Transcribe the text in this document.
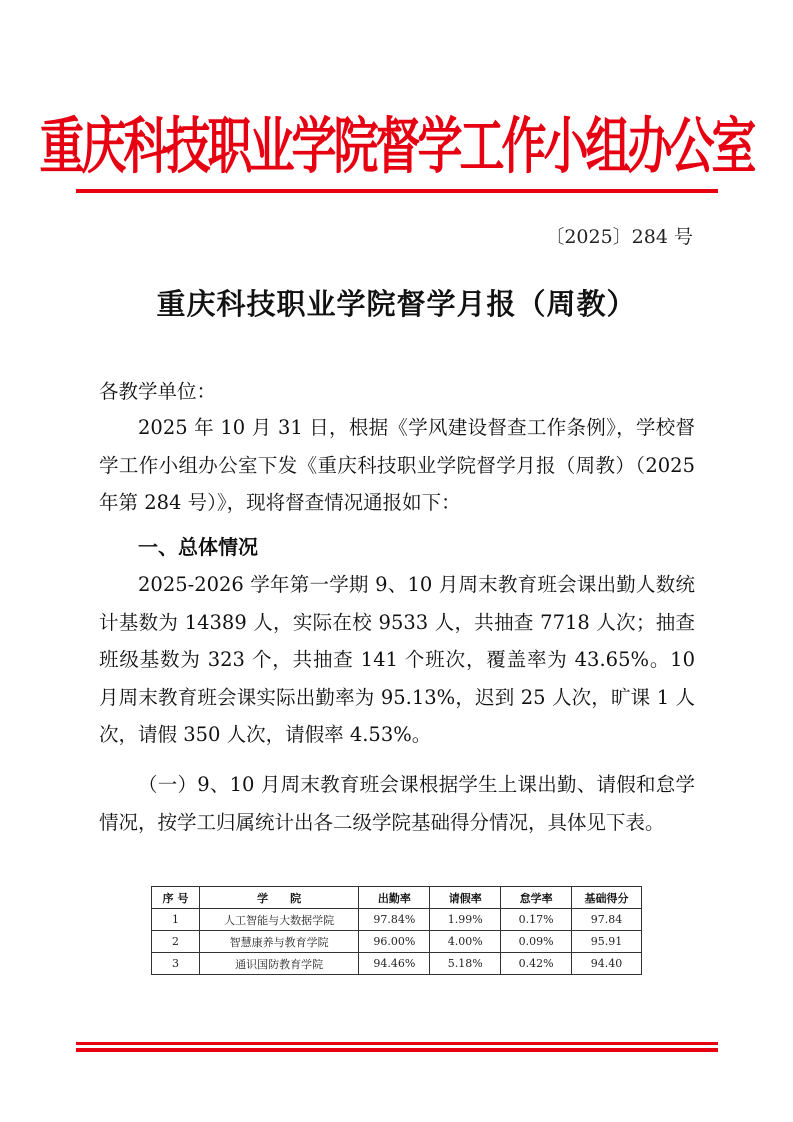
重庆科技职业学院督学工作小组办公室
〔2025〕284 号
重庆科技职业学院督学月报（周教）
各教学单位：
2025 年 10 月 31 日，根据《学风建设督查工作条例》，学校督学工作小组办公室下发《重庆科技职业学院督学月报（周教）（2025 年第 284 号）》，现将督查情况通报如下：
一、总体情况
2025-2026 学年第一学期 9、10 月周末教育班会课出勤人数统计基数为 14389 人，实际在校 9533 人，共抽查 7718 人次；抽查班级基数为 323 个，共抽查 141 个班次，覆盖率为 43.65%。10 月周末教育班会课实际出勤率为 95.13%，迟到 25 人次，旷课 1 人次，请假 350 人次，请假率 4.53%。
（一）9、10 月周末教育班会课根据学生上课出勤、请假和怠学情况，按学工归属统计出各二级学院基础得分情况，具体见下表。
序 号	学　　院	出勤率	请假率	怠学率	基础得分
1	人工智能与大数据学院	97.84%	1.99%	0.17%	97.84
2	智慧康养与教育学院	96.00%	4.00%	0.09%	95.91
3	通识国防教育学院	94.46%	5.18%	0.42%	94.40
